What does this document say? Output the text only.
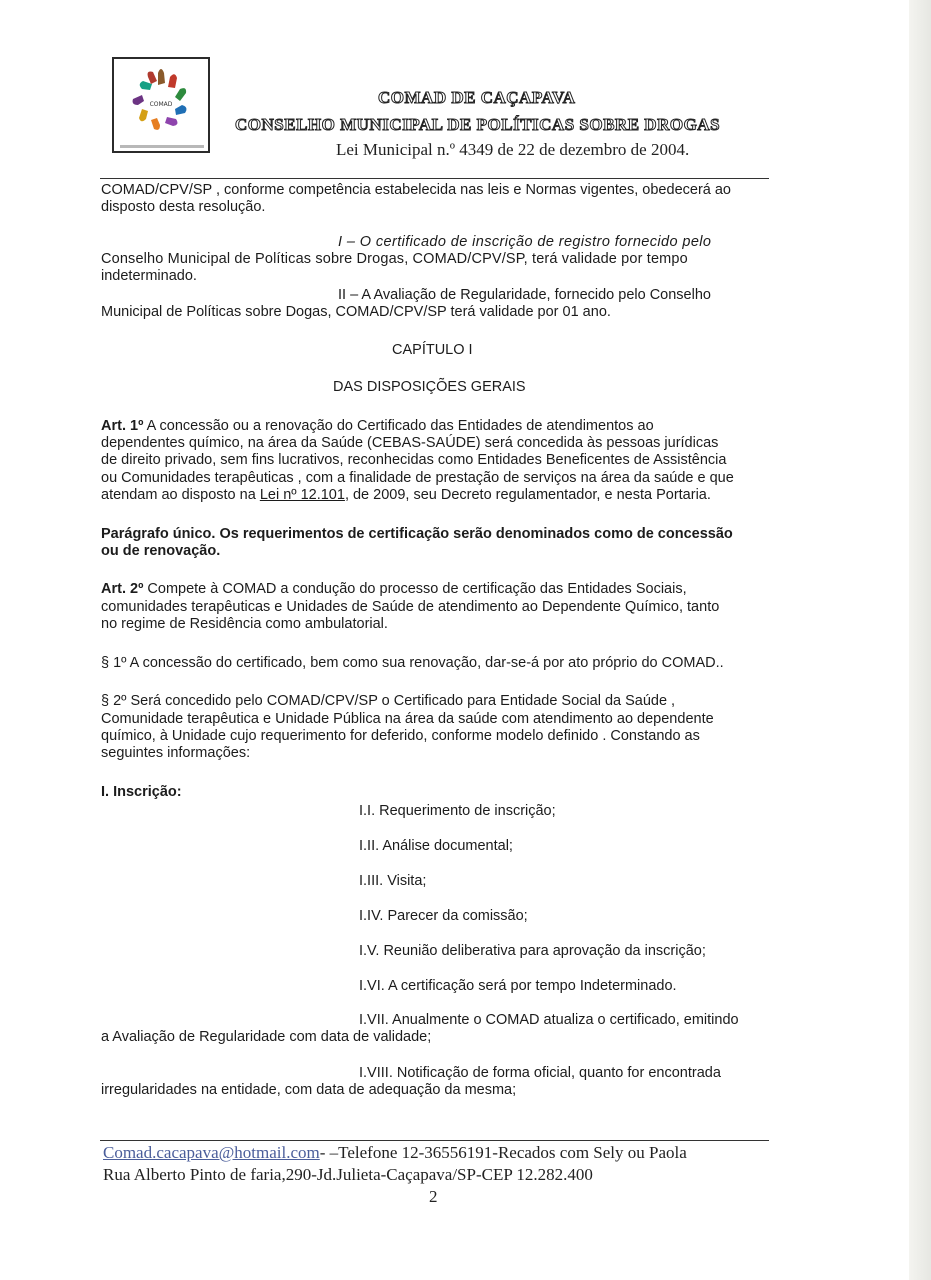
COMAD	COMAD DE CAÇAPAVA
CONSELHO MUNICIPAL DE POLÍTICAS SOBRE DROGAS
Lei Municipal n.º 4349 de 22 de dezembro de 2004.
COMAD/CPV/SP , conforme competência estabelecida nas leis e Normas vigentes, obedecerá ao
disposto desta resolução.
I – O certificado de inscrição de registro fornecido pelo
Conselho Municipal de Políticas sobre Drogas, COMAD/CPV/SP, terá validade por tempo
indeterminado.
II – A Avaliação de Regularidade, fornecido pelo Conselho
Municipal de Políticas sobre Dogas, COMAD/CPV/SP terá validade por 01 ano.
CAPÍTULO I
DAS DISPOSIÇÕES GERAIS
Art. 1º A concessão ou a renovação do Certificado das Entidades de atendimentos ao
dependentes químico, na área da Saúde (CEBAS-SAÚDE) será concedida às pessoas jurídicas
de direito privado, sem fins lucrativos, reconhecidas como Entidades Beneficentes de Assistência
ou Comunidades terapêuticas , com a finalidade de prestação de serviços na área da saúde e que
atendam ao disposto na Lei nº 12.101, de 2009, seu Decreto regulamentador, e nesta Portaria.
Parágrafo único. Os requerimentos de certificação serão denominados como de concessão
ou de renovação.
Art. 2º Compete à COMAD a condução do processo de certificação das Entidades Sociais,
comunidades terapêuticas e Unidades de Saúde de atendimento ao Dependente Químico, tanto
no regime de Residência como ambulatorial.
§ 1º A concessão do certificado, bem como sua renovação, dar-se-á por ato próprio do COMAD..
§ 2º Será concedido pelo COMAD/CPV/SP o Certificado para Entidade Social da Saúde ,
Comunidade terapêutica e Unidade Pública na área da saúde com atendimento ao dependente
químico, à Unidade cujo requerimento for deferido, conforme modelo definido . Constando as
seguintes informações:
I. Inscrição:
I.I. Requerimento de inscrição;
I.II. Análise documental;
I.III. Visita;
I.IV. Parecer da comissão;
I.V. Reunião deliberativa para aprovação da inscrição;
I.VI. A certificação será por tempo Indeterminado.
I.VII. Anualmente o COMAD atualiza o certificado, emitindo
a Avaliação de Regularidade com data de validade;
I.VIII. Notificação de forma oficial, quanto for encontrada
irregularidades na entidade, com data de adequação da mesma;
Comad.cacapava@hotmail.com- –Telefone 12-36556191-Recados com Sely ou Paola
Rua Alberto Pinto de faria,290-Jd.Julieta-Caçapava/SP-CEP 12.282.400
2
